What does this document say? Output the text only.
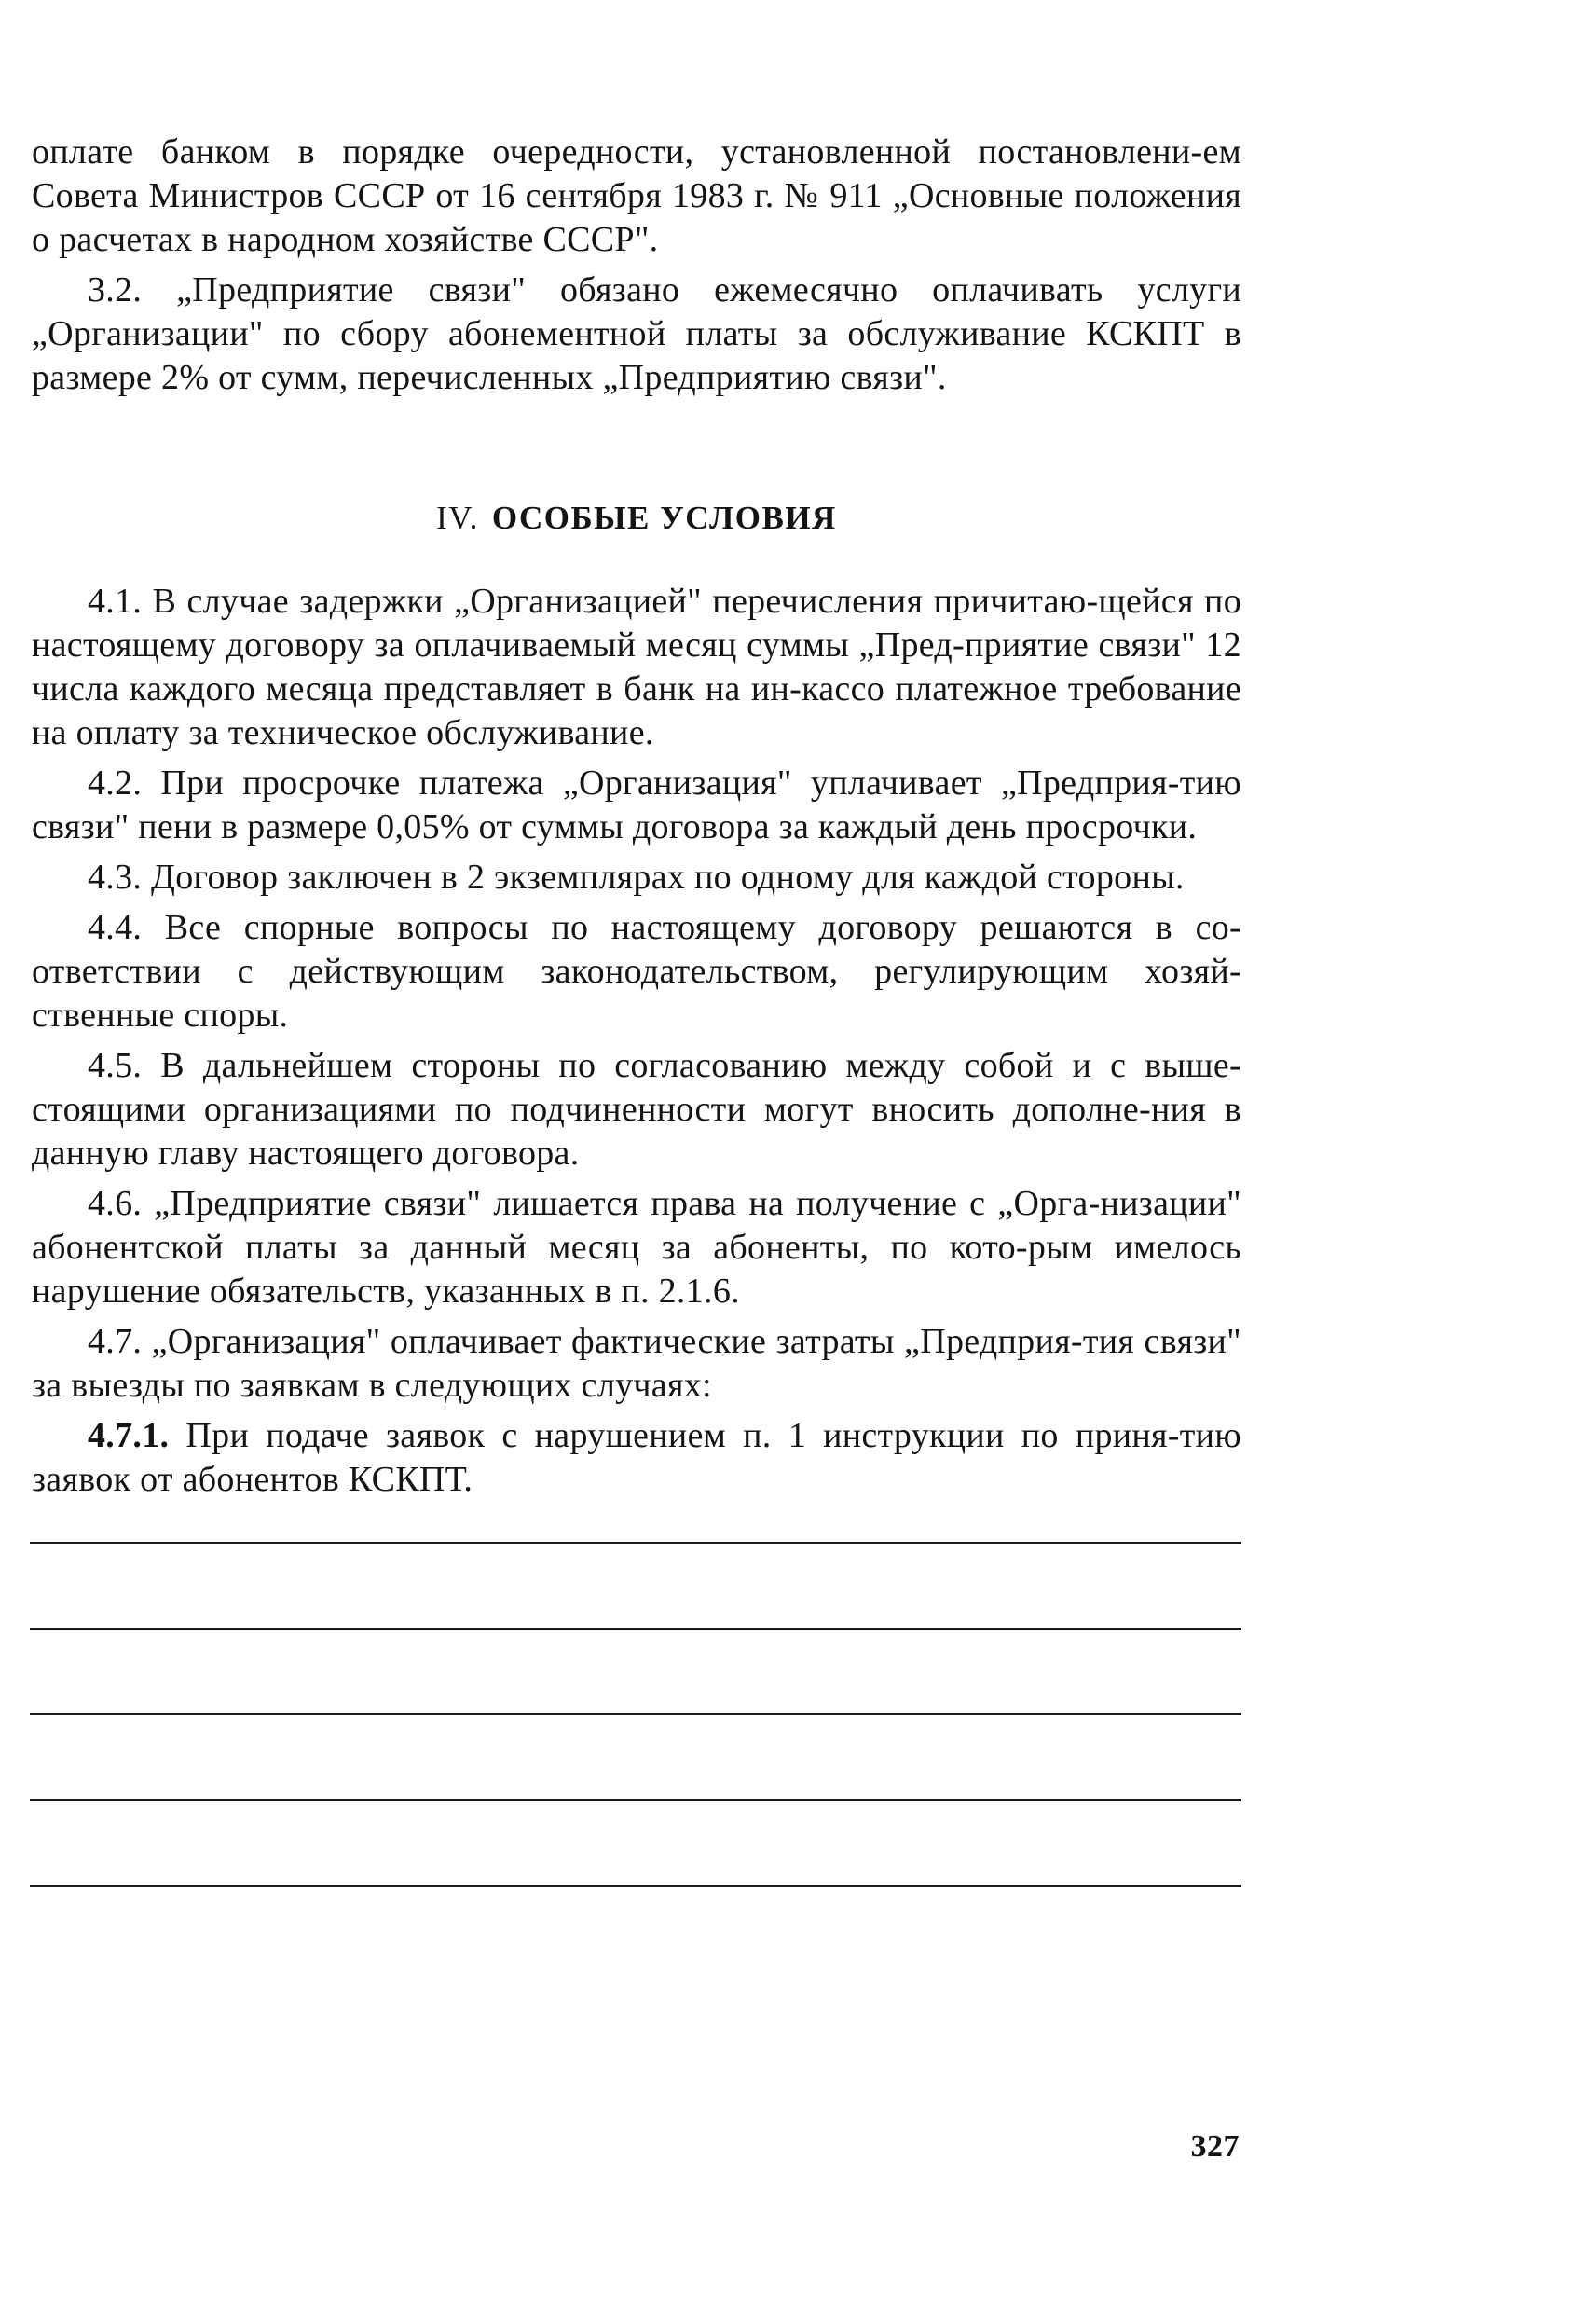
оплате банком в порядке очередности, установленной постановлени-ем Совета Министров СССР от 16 сентября 1983 г. № 911 „Основные положения о расчетах в народном хозяйстве СССР".

3.2. „Предприятие связи" обязано ежемесячно оплачивать услуги „Организации" по сбору абонементной платы за обслуживание КСКПТ в размере 2% от сумм, перечисленных „Предприятию связи".

IV. ОСОБЫЕ УСЛОВИЯ

4.1. В случае задержки „Организацией" перечисления причитаю-щейся по настоящему договору за оплачиваемый месяц суммы „Пред-приятие связи" 12 числа каждого месяца представляет в банк на ин-кассо платежное требование на оплату за техническое обслуживание.

4.2. При просрочке платежа „Организация" уплачивает „Предприя-тию связи" пени в размере 0,05% от суммы договора за каждый день просрочки.

4.3. Договор заключен в 2 экземплярах по одному для каждой стороны.

4.4. Все спорные вопросы по настоящему договору решаются в со-ответствии с действующим законодательством, регулирующим хозяй-ственные споры.

4.5. В дальнейшем стороны по согласованию между собой и с выше-стоящими организациями по подчиненности могут вносить дополне-ния в данную главу настоящего договора.

4.6. „Предприятие связи" лишается права на получение с „Орга-низации" абонентской платы за данный месяц за абоненты, по кото-рым имелось нарушение обязательств, указанных в п. 2.1.6.

4.7. „Организация" оплачивает фактические затраты „Предприя-тия связи" за выезды по заявкам в следующих случаях:

4.7.1. При подаче заявок с нарушением п. 1 инструкции по приня-тию заявок от абонентов КСКПТ.

327
